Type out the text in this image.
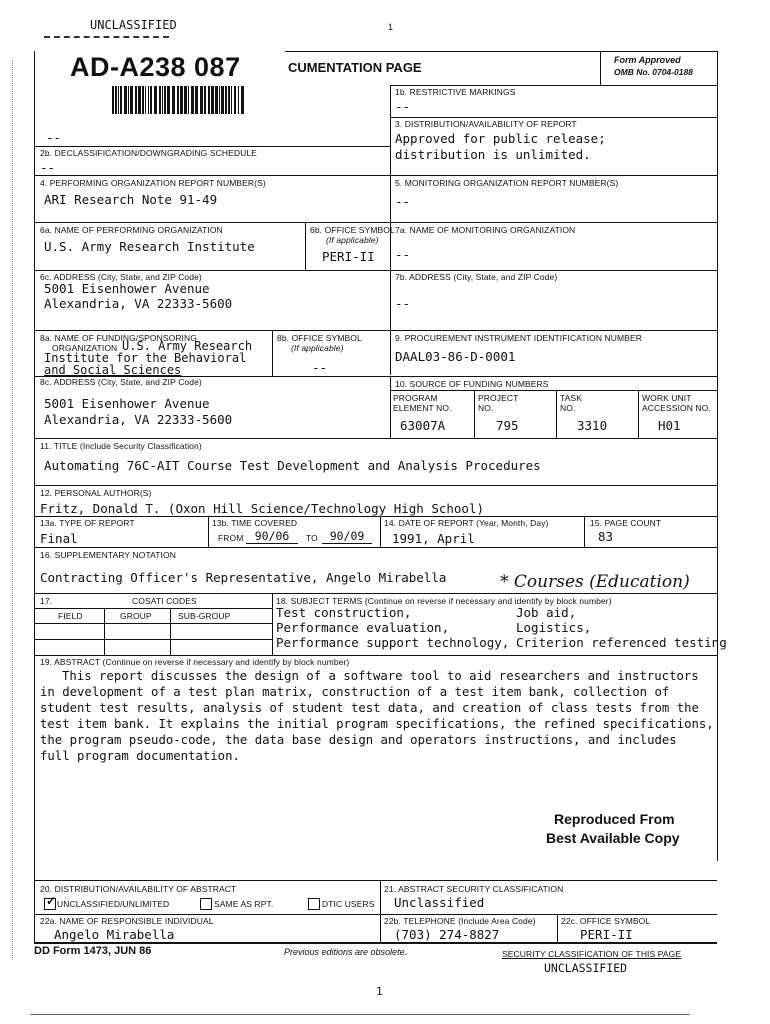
UNCLASSIFIED	1
AD-A238 087	CUMENTATION PAGE	Form Approved
OMB No. 0704-0188
1b. RESTRICTIVE MARKINGS
--
3. DISTRIBUTION/AVAILABILITY OF REPORT
Approved for public release;
distribution is unlimited.
--
2b. DECLASSIFICATION/DOWNGRADING SCHEDULE
--
4. PERFORMING ORGANIZATION REPORT NUMBER(S)
ARI Research Note 91-49
5. MONITORING ORGANIZATION REPORT NUMBER(S)
--
6a. NAME OF PERFORMING ORGANIZATION
U.S. Army Research Institute
6b. OFFICE SYMBOL
(If applicable)
PERI-II
7a. NAME OF MONITORING ORGANIZATION
--
6c. ADDRESS (City, State, and ZIP Code)
5001 Eisenhower Avenue
Alexandria, VA 22333-5600
7b. ADDRESS (City, State, and ZIP Code)
--
8a. NAME OF FUNDING/SPONSORING
ORGANIZATION U.S. Army Research
Institute for the Behavioral
and Social Sciences
8b. OFFICE SYMBOL
(If applicable)
--
9. PROCUREMENT INSTRUMENT IDENTIFICATION NUMBER
DAAL03-86-D-0001
8c. ADDRESS (City, State, and ZIP Code)
5001 Eisenhower Avenue
Alexandria, VA 22333-5600
10. SOURCE OF FUNDING NUMBERS
PROGRAM
ELEMENT NO.
63007A
PROJECT
NO.
795
TASK
NO.
3310
WORK UNIT
ACCESSION NO.
H01
11. TITLE (Include Security Classification)
Automating 76C-AIT Course Test Development and Analysis Procedures
12. PERSONAL AUTHOR(S)
Fritz, Donald T. (Oxon Hill Science/Technology High School)
13a. TYPE OF REPORT
Final
13b. TIME COVERED
FROM 90/06	TO	90/09
14. DATE OF REPORT (Year, Month, Day)
1991, April
15. PAGE COUNT
83
16. SUPPLEMENTARY NOTATION
Contracting Officer's Representative, Angelo Mirabella	* Courses (Education)
17.	COSATI CODES
FIELD	GROUP	SUB-GROUP
18. SUBJECT TERMS (Continue on reverse if necessary and identify by block number)
Test construction,
Performance evaluation,
Performance support technology,
Job aid,
Logistics,
Criterion referenced testing
19. ABSTRACT (Continue on reverse if necessary and identify by block number)
This report discusses the design of a software tool to aid researchers and instructors
in development of a test plan matrix, construction of a test item bank, collection of
student test results, analysis of student test data, and creation of class tests from the
test item bank. It explains the initial program specifications, the refined specifications,
the program pseudo-code, the data base design and operators instructions, and includes
full program documentation.
Reproduced From
Best Available Copy
20. DISTRIBUTION/AVAILABILITY OF ABSTRACT
✓ UNCLASSIFIED/UNLIMITED	SAME AS RPT.	DTIC USERS
21. ABSTRACT SECURITY CLASSIFICATION
Unclassified
22a. NAME OF RESPONSIBLE INDIVIDUAL
Angelo Mirabella
22b. TELEPHONE (Include Area Code)
(703) 274-8827
22c. OFFICE SYMBOL
PERI-II
DD Form 1473, JUN 86	Previous editions are obsolete.	SECURITY CLASSIFICATION OF THIS PAGE
UNCLASSIFIED
1
